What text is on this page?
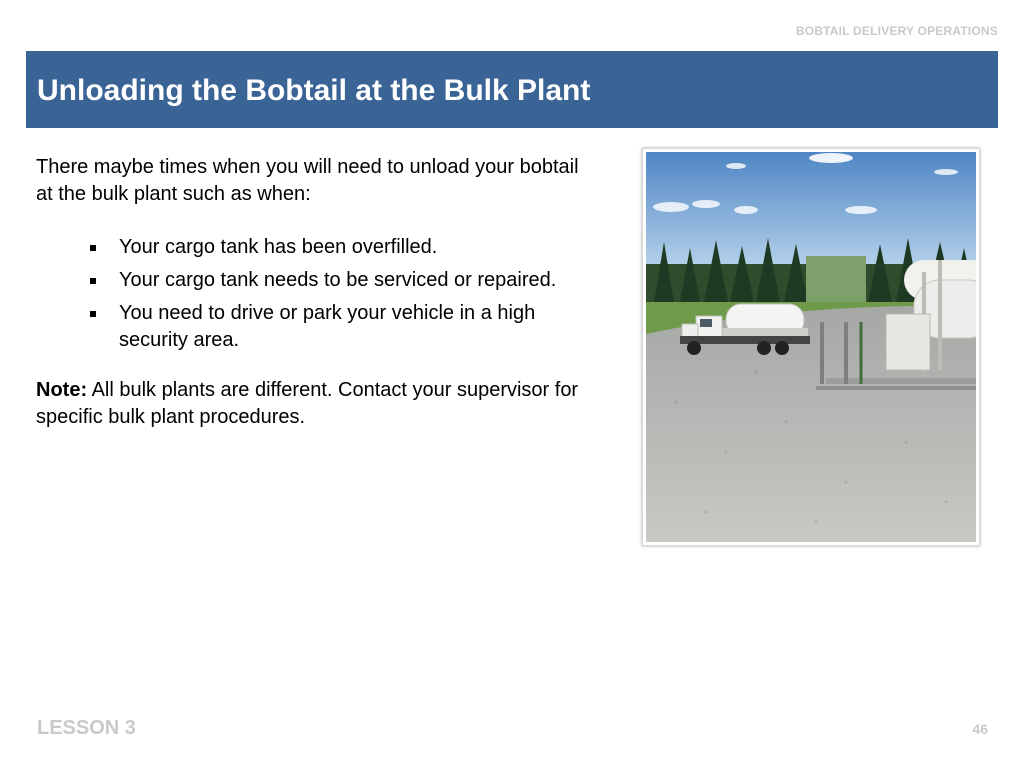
BOBTAIL DELIVERY OPERATIONS
Unloading the Bobtail at the Bulk Plant

There maybe times when you will need to unload your bobtail at the bulk plant such as when:

Your cargo tank has been overfilled.
Your cargo tank needs to be serviced or repaired.
You need to drive or park your vehicle in a high security area.

Note: All bulk plants are different. Contact your supervisor for specific bulk plant procedures.

LESSON 3	46
